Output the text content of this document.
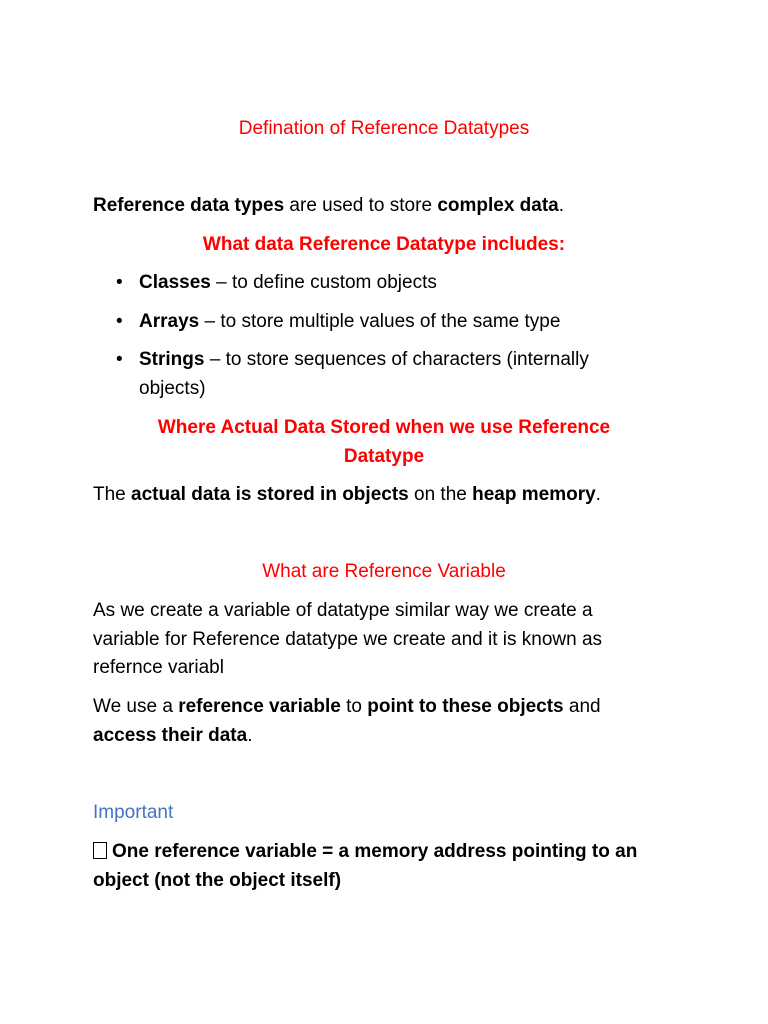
Defination of Reference Datatypes
Reference data types are used to store complex data.
What data Reference Datatype includes:
• Classes – to define custom objects
• Arrays – to store multiple values of the same type
• Strings – to store sequences of characters (internally
objects)
Where Actual Data Stored when we use Reference
Datatype
The actual data is stored in objects on the heap memory.
What are Reference Variable
As we create a variable of datatype similar way we create a
variable for Reference datatype we create and it is known as
refernce variabl
We use a reference variable to point to these objects and
access their data.
Important
One reference variable = a memory address pointing to an
object (not the object itself)
